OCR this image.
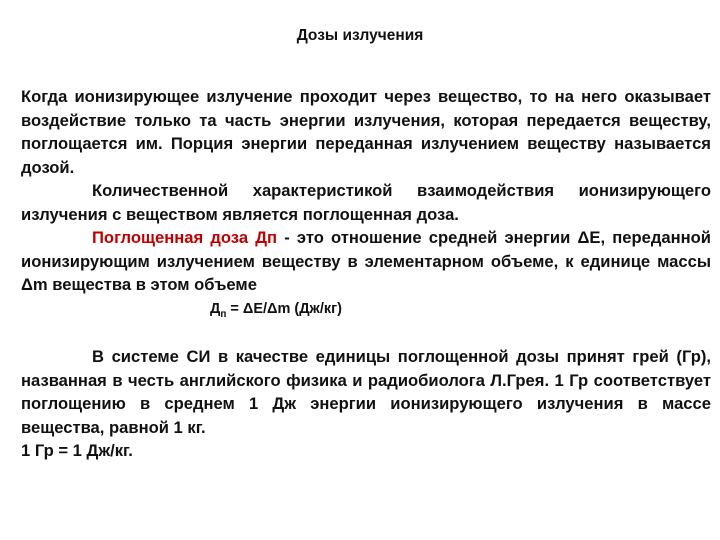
Дозы излучения

Когда ионизирующее излучение проходит через вещество, то на него оказывает воздействие только та часть энергии излучения, которая передается веществу, поглощается им. Порция энергии переданная излучением веществу называется дозой.

Количественной характеристикой взаимодействия ионизирующего излучения с веществом является поглощенная доза.

Поглощенная доза Дп - это отношение средней энергии ΔЕ, переданной ионизирующим излучением веществу в элементарном объеме, к единице массы Δm вещества в этом объеме

$Д_п = \Delta Е/\Delta m$ (Дж/кг)

В системе СИ в качестве единицы поглощенной дозы принят грей (Гр), названная в честь английского физика и радиобиолога Л.Грея. 1 Гр соответствует поглощению в среднем 1 Дж энергии ионизирующего излучения в массе вещества, равной 1 кг.

1 Гр = 1 Дж/кг.
